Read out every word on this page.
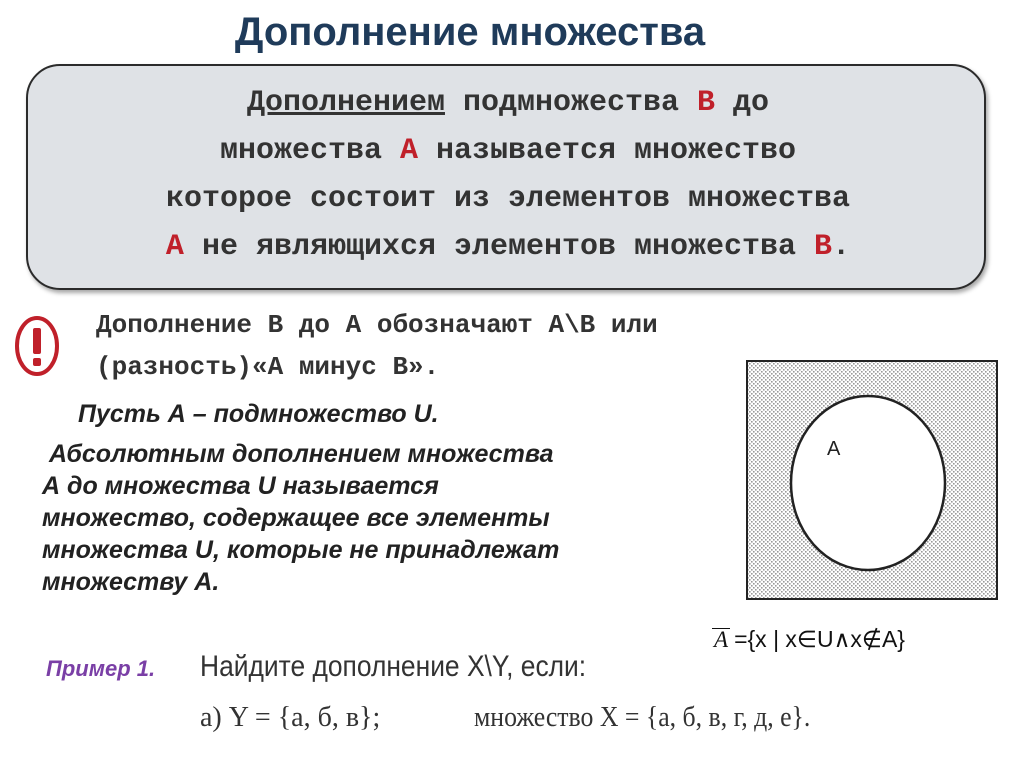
Дополнение множества
Дополнением подмножества B до
множества A называется множество
которое состоит из элементов множества
A не являющихся элементов множества B.
Дополнение B до A обозначают A\B или
(разность)«A минус B».
Пусть А – подмножество U.
Абсолютным дополнением множества
А до множества U называется
множество, содержащее все элементы
множества U, которые не принадлежат
множеству А.
A
A ={x | x∈U∧x∉A}
Пример 1. Найдите дополнение X\Y, если:
а) Y = {а, б, в};	множество X = {а, б, в, г, д, е}.
